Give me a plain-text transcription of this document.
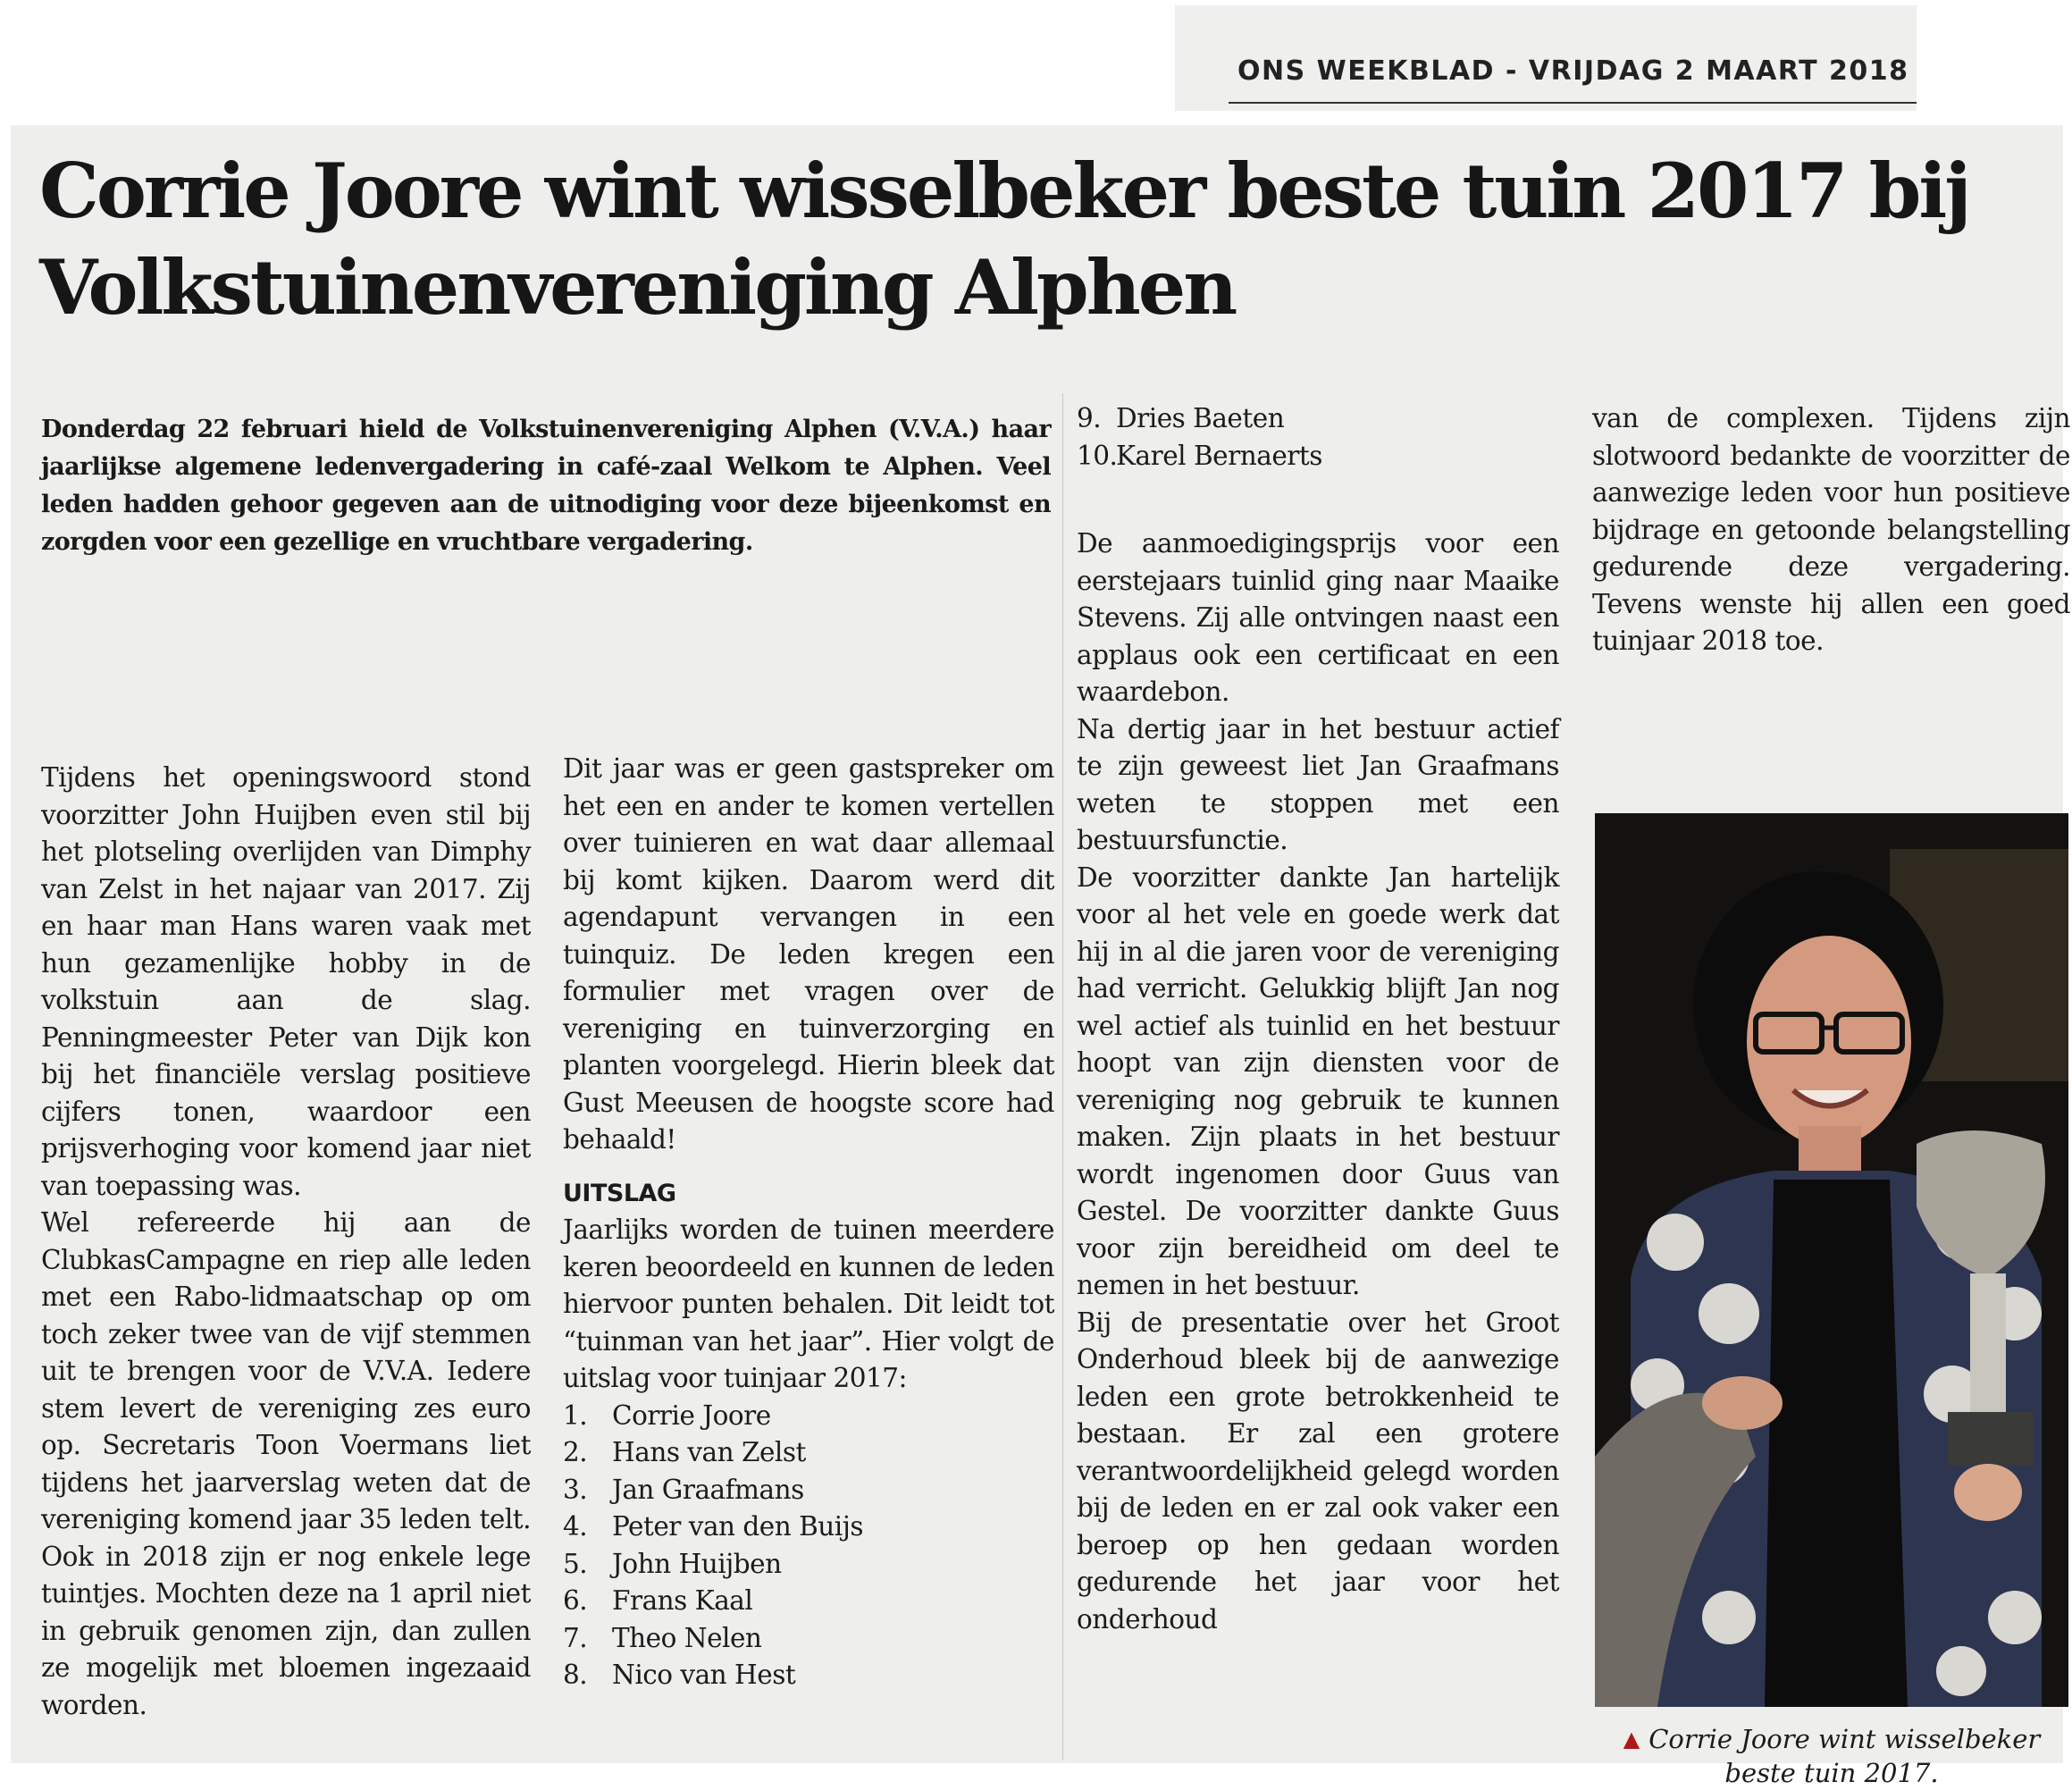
ONS WEEKBLAD - VRIJDAG 2 MAART 2018
Corrie Joore wint wisselbeker beste tuin 2017 bij Volkstuinenvereniging Alphen

Donderdag 22 februari hield de Volkstuinenvereniging Alphen (V.V.A.) haar jaarlijkse algemene ledenvergadering in café-zaal Welkom te Alphen. Veel leden hadden gehoor gegeven aan de uitnodiging voor deze bijeenkomst en zorgden voor een gezellige en vruchtbare vergadering.

Tijdens het openingswoord stond voorzitter John Huijben even stil bij het plotseling overlijden van Dimphy van Zelst in het najaar van 2017. Zij en haar man Hans waren vaak met hun gezamenlijke hobby in de volkstuin aan de slag. Penningmeester Peter van Dijk kon bij het financiële verslag positieve cijfers tonen, waardoor een prijsverhoging voor komend jaar niet van toepassing was.

Wel refereerde hij aan de ClubkasCampagne en riep alle leden met een Rabo-lidmaatschap op om toch zeker twee van de vijf stemmen uit te brengen voor de V.V.A. Iedere stem levert de vereniging zes euro op. Secretaris Toon Voermans liet tijdens het jaarverslag weten dat de vereniging komend jaar 35 leden telt. Ook in 2018 zijn er nog enkele lege tuintjes. Mochten deze na 1 april niet in gebruik genomen zijn, dan zullen ze mogelijk met bloemen ingezaaid worden.

Dit jaar was er geen gastspreker om het een en ander te komen vertellen over tuinieren en wat daar allemaal bij komt kijken. Daarom werd dit agendapunt vervangen in een tuinquiz. De leden kregen een formulier met vragen over de vereniging en tuinverzorging en planten voorgelegd. Hierin bleek dat Gust Meeusen de hoogste score had behaald!

UITSLAG

Jaarlijks worden de tuinen meerdere keren beoordeeld en kunnen de leden hiervoor punten behalen. Dit leidt tot “tuinman van het jaar”. Hier volgt de uitslag voor tuinjaar 2017:

1. Corrie Joore
2. Hans van Zelst
3. Jan Graafmans
4. Peter van den Buijs
5. John Huijben
6. Frans Kaal
7. Theo Nelen
8. Nico van Hest
9. Dries Baeten
10.Karel Bernaerts

De aanmoedigingsprijs voor een eerstejaars tuinlid ging naar Maaike Stevens. Zij alle ontvingen naast een applaus ook een certificaat en een waardebon.

Na dertig jaar in het bestuur actief te zijn geweest liet Jan Graafmans weten te stoppen met een bestuursfunctie.

De voorzitter dankte Jan hartelijk voor al het vele en goede werk dat hij in al die jaren voor de vereniging had verricht. Gelukkig blijft Jan nog wel actief als tuinlid en het bestuur hoopt van zijn diensten voor de vereniging nog gebruik te kunnen maken. Zijn plaats in het bestuur wordt ingenomen door Guus van Gestel. De voorzitter dankte Guus voor zijn bereidheid om deel te nemen in het bestuur.

Bij de presentatie over het Groot Onderhoud bleek bij de aanwezige leden een grote betrokkenheid te bestaan. Er zal een grotere verantwoordelijkheid gelegd worden bij de leden en er zal ook vaker een beroep op hen gedaan worden gedurende het jaar voor het onderhoud

van de complexen. Tijdens zijn slotwoord bedankte de voorzitter de aanwezige leden voor hun positieve bijdrage en getoonde belangstelling gedurende deze vergadering. Tevens wenste hij allen een goed tuinjaar 2018 toe.

▲ Corrie Joore wint wisselbeker beste tuin 2017.
